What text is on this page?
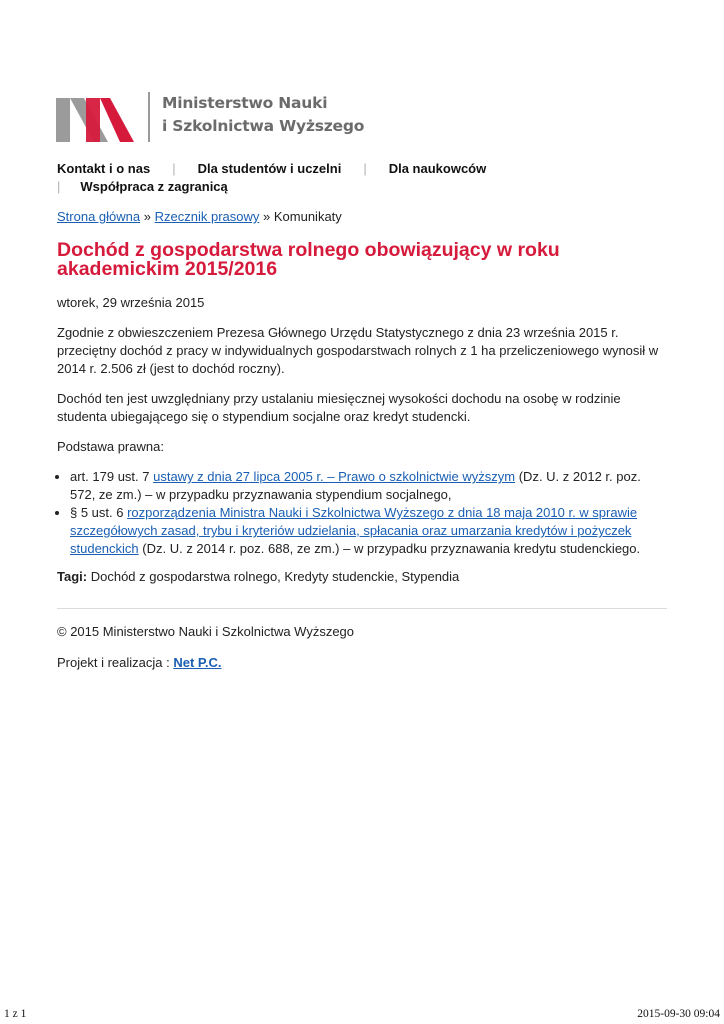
Ministerstwo Nauki
i Szkolnictwa Wyższego
Kontakt i o nas | Dla studentów i uczelni | Dla naukowców
| Współpraca z zagranicą
Strona główna » Rzecznik prasowy » Komunikaty
Dochód z gospodarstwa rolnego obowiązujący w roku akademickim 2015/2016

wtorek, 29 września 2015

Zgodnie z obwieszczeniem Prezesa Głównego Urzędu Statystycznego z dnia 23 września 2015 r. przeciętny dochód z pracy w indywidualnych gospodarstwach rolnych z 1 ha przeliczeniowego wynosił w 2014 r. 2.506 zł (jest to dochód roczny).

Dochód ten jest uwzględniany przy ustalaniu miesięcznej wysokości dochodu na osobę w rodzinie studenta ubiegającego się o stypendium socjalne oraz kredyt studencki.

Podstawa prawna:

• art. 179 ust. 7 ustawy z dnia 27 lipca 2005 r. – Prawo o szkolnictwie wyższym (Dz. U. z 2012 r. poz. 572, ze zm.) – w przypadku przyznawania stypendium socjalnego,
• § 5 ust. 6 rozporządzenia Ministra Nauki i Szkolnictwa Wyższego z dnia 18 maja 2010 r. w sprawie szczegółowych zasad, trybu i kryteriów udzielania, spłacania oraz umarzania kredytów i pożyczek studenckich (Dz. U. z 2014 r. poz. 688, ze zm.) – w przypadku przyznawania kredytu studenckiego.

Tagi: Dochód z gospodarstwa rolnego, Kredyty studenckie, Stypendia

© 2015 Ministerstwo Nauki i Szkolnictwa Wyższego
Projekt i realizacja : Net P.C.
1 z 1	2015-09-30 09:04
